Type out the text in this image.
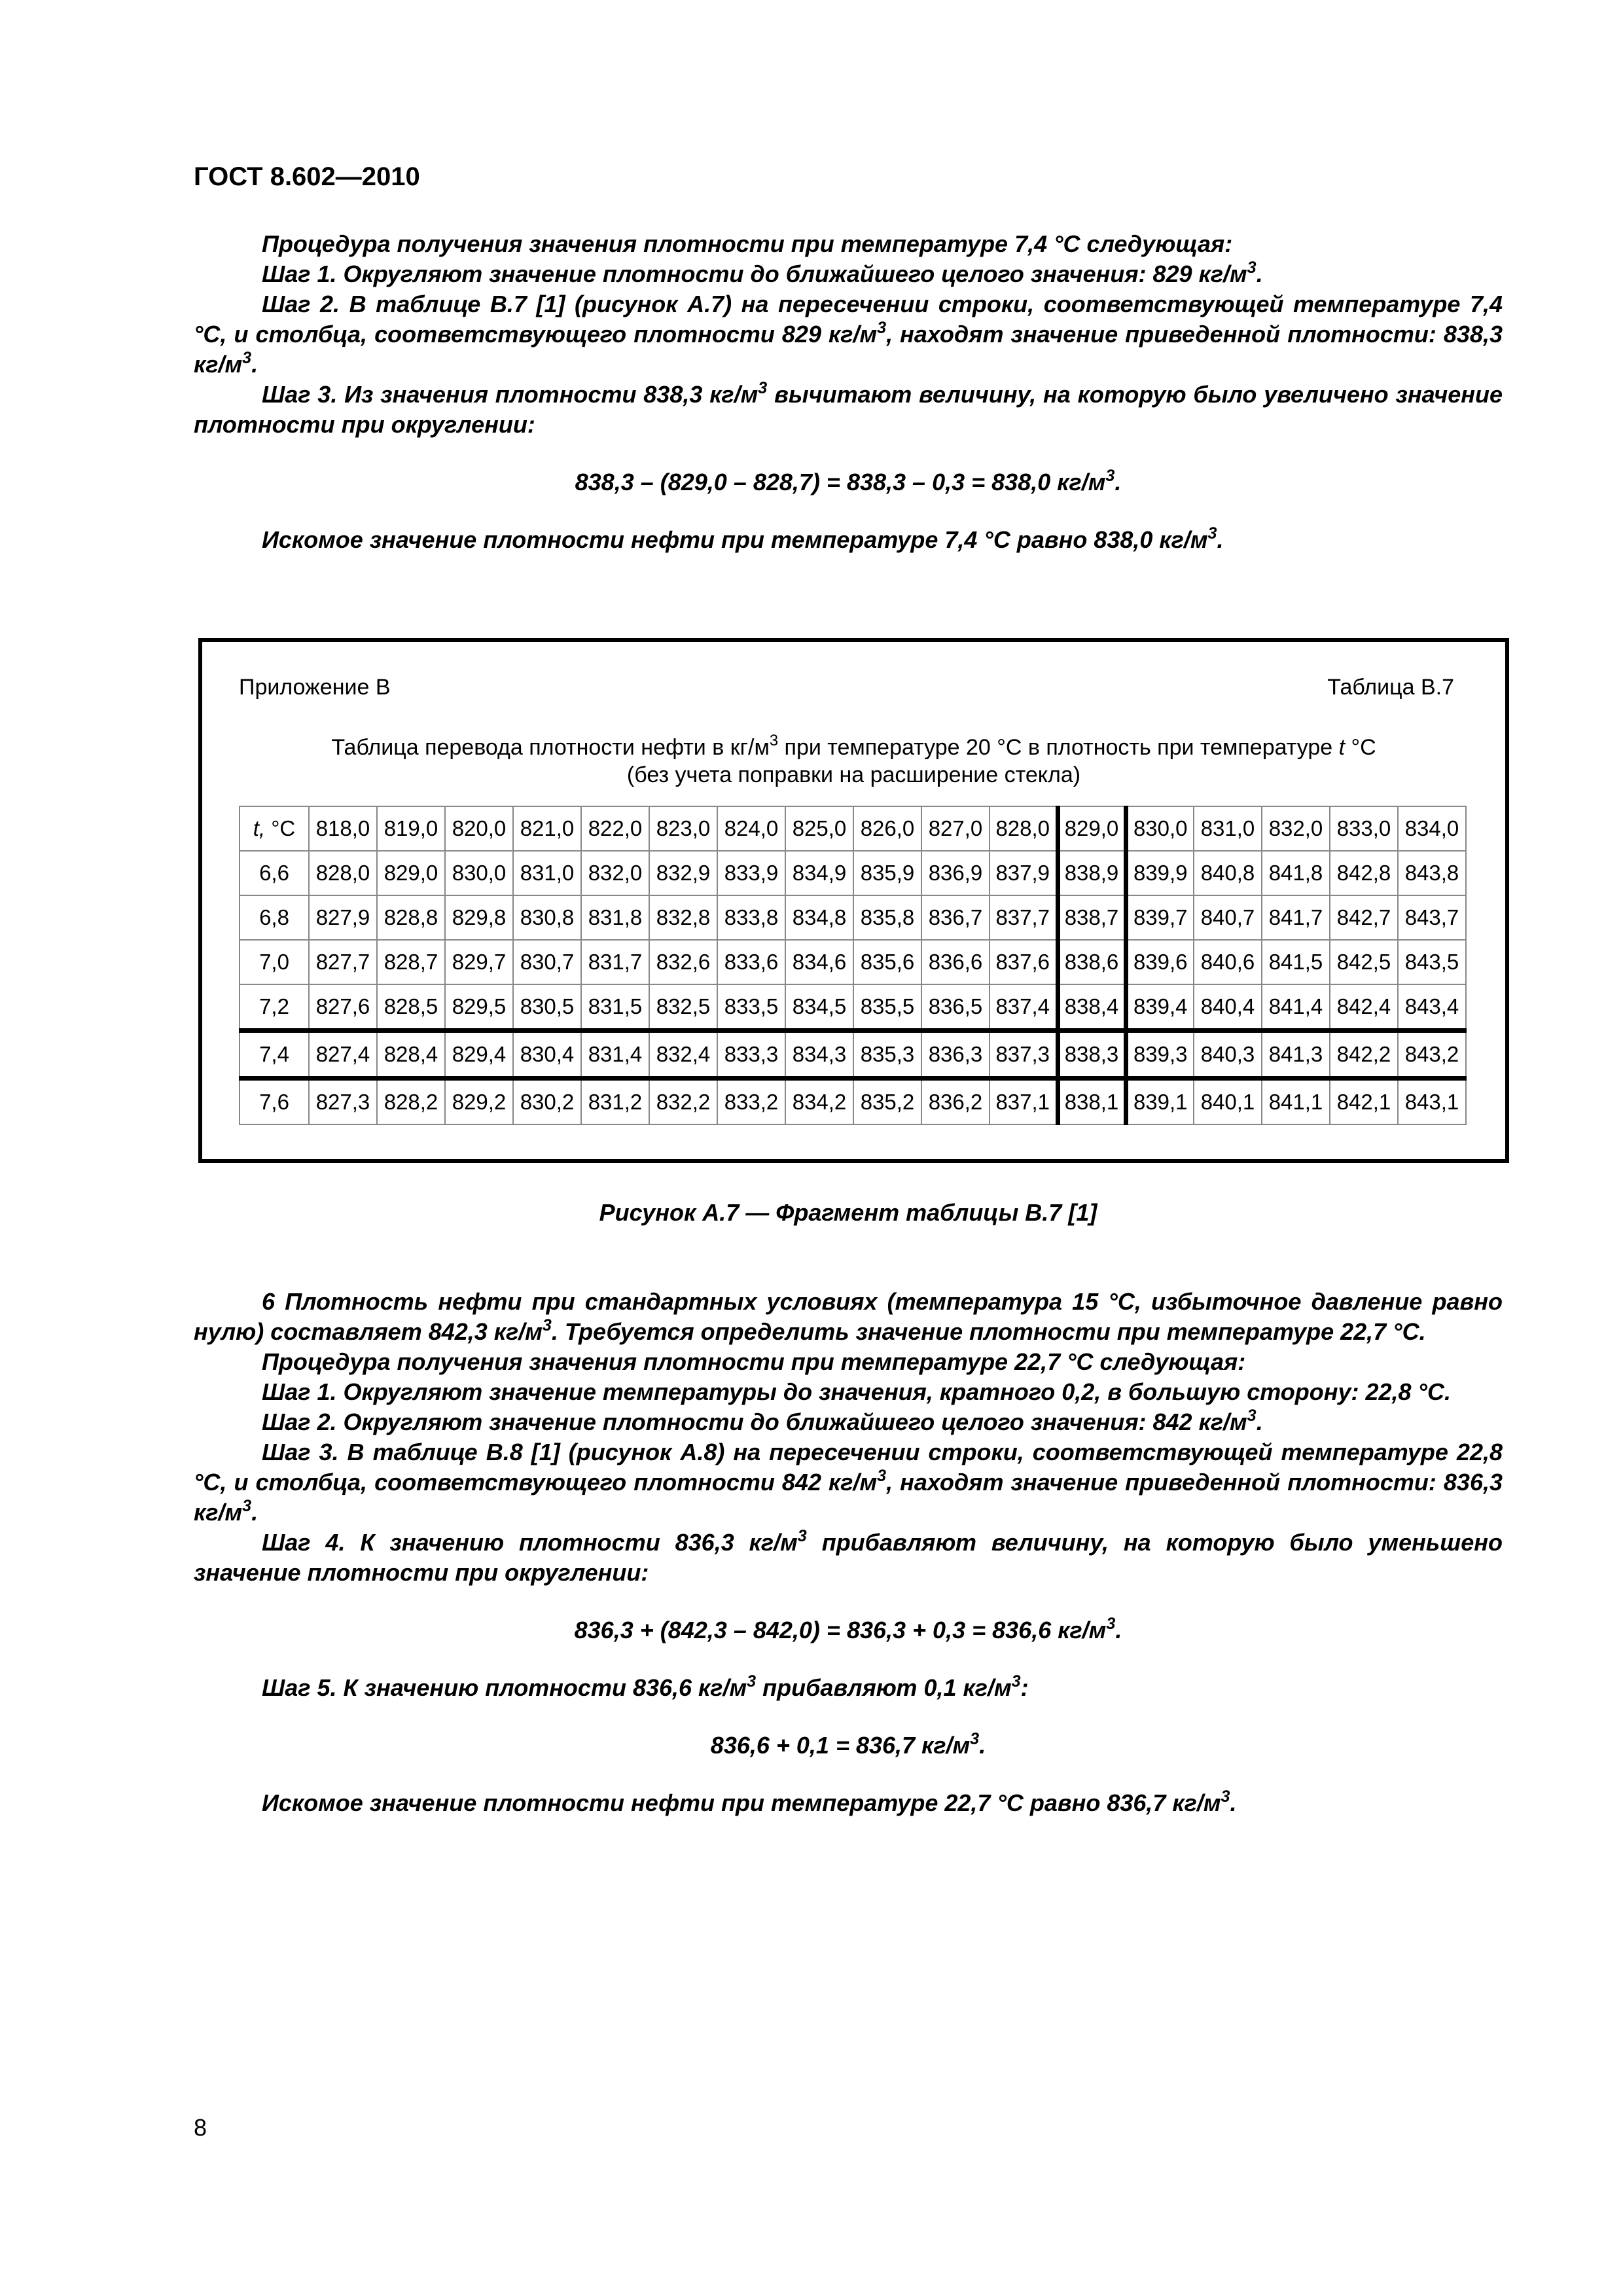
ГОСТ 8.602—2010

Процедура получения значения плотности при температуре 7,4 °С следующая:

Шаг 1. Округляют значение плотности до ближайшего целого значения: 829 $кг/м^3$.

Шаг 2. В таблице В.7 [1] (рисунок А.7) на пересечении строки, соответствующей температуре 7,4 °С, и столбца, соответствующего плотности 829 $кг/м^3$, находят значение приведенной плотности: 838,3 $кг/м^3$.

Шаг 3. Из значения плотности 838,3 $кг/м^3$ вычитают величину, на которую было увеличено значение плотности при округлении:

838,3 – (829,0 – 828,7) = 838,3 – 0,3 = 838,0 $кг/м^3$.

Искомое значение плотности нефти при температуре 7,4 °С равно 838,0 $кг/м^3$.

Приложение В	Таблица В.7
Таблица перевода плотности нефти в $кг/м^3$ при температуре 20 °С в плотность при температуре t °С
(без учета поправки на расширение стекла)
t, °С	818,0	819,0	820,0	821,0	822,0	823,0	824,0	825,0	826,0	827,0	828,0	829,0	830,0	831,0	832,0	833,0	834,0
6,6	828,0	829,0	830,0	831,0	832,0	832,9	833,9	834,9	835,9	836,9	837,9	838,9	839,9	840,8	841,8	842,8	843,8
6,8	827,9	828,8	829,8	830,8	831,8	832,8	833,8	834,8	835,8	836,7	837,7	838,7	839,7	840,7	841,7	842,7	843,7
7,0	827,7	828,7	829,7	830,7	831,7	832,6	833,6	834,6	835,6	836,6	837,6	838,6	839,6	840,6	841,5	842,5	843,5
7,2	827,6	828,5	829,5	830,5	831,5	832,5	833,5	834,5	835,5	836,5	837,4	838,4	839,4	840,4	841,4	842,4	843,4
7,4	827,4	828,4	829,4	830,4	831,4	832,4	833,3	834,3	835,3	836,3	837,3	838,3	839,3	840,3	841,3	842,2	843,2
7,6	827,3	828,2	829,2	830,2	831,2	832,2	833,2	834,2	835,2	836,2	837,1	838,1	839,1	840,1	841,1	842,1	843,1
Рисунок А.7 — Фрагмент таблицы В.7 [1]

6 Плотность нефти при стандартных условиях (температура 15 °С, избыточное давление равно нулю) составляет 842,3 $кг/м^3$. Требуется определить значение плотности при температуре 22,7 °С.

Процедура получения значения плотности при температуре 22,7 °С следующая:

Шаг 1. Округляют значение температуры до значения, кратного 0,2, в большую сторону: 22,8 °С.

Шаг 2. Округляют значение плотности до ближайшего целого значения: 842 $кг/м^3$.

Шаг 3. В таблице В.8 [1] (рисунок А.8) на пересечении строки, соответствующей температуре 22,8 °С, и столбца, соответствующего плотности 842 $кг/м^3$, находят значение приведенной плотности: 836,3 $кг/м^3$.

Шаг 4. К значению плотности 836,3 $кг/м^3$ прибавляют величину, на которую было уменьшено значение плотности при округлении:

836,3 + (842,3 – 842,0) = 836,3 + 0,3 = 836,6 $кг/м^3$.

Шаг 5. К значению плотности 836,6 $кг/м^3$ прибавляют 0,1 $кг/м^3$:

836,6 + 0,1 = 836,7 $кг/м^3$.

Искомое значение плотности нефти при температуре 22,7 °С равно 836,7 $кг/м^3$.

8
